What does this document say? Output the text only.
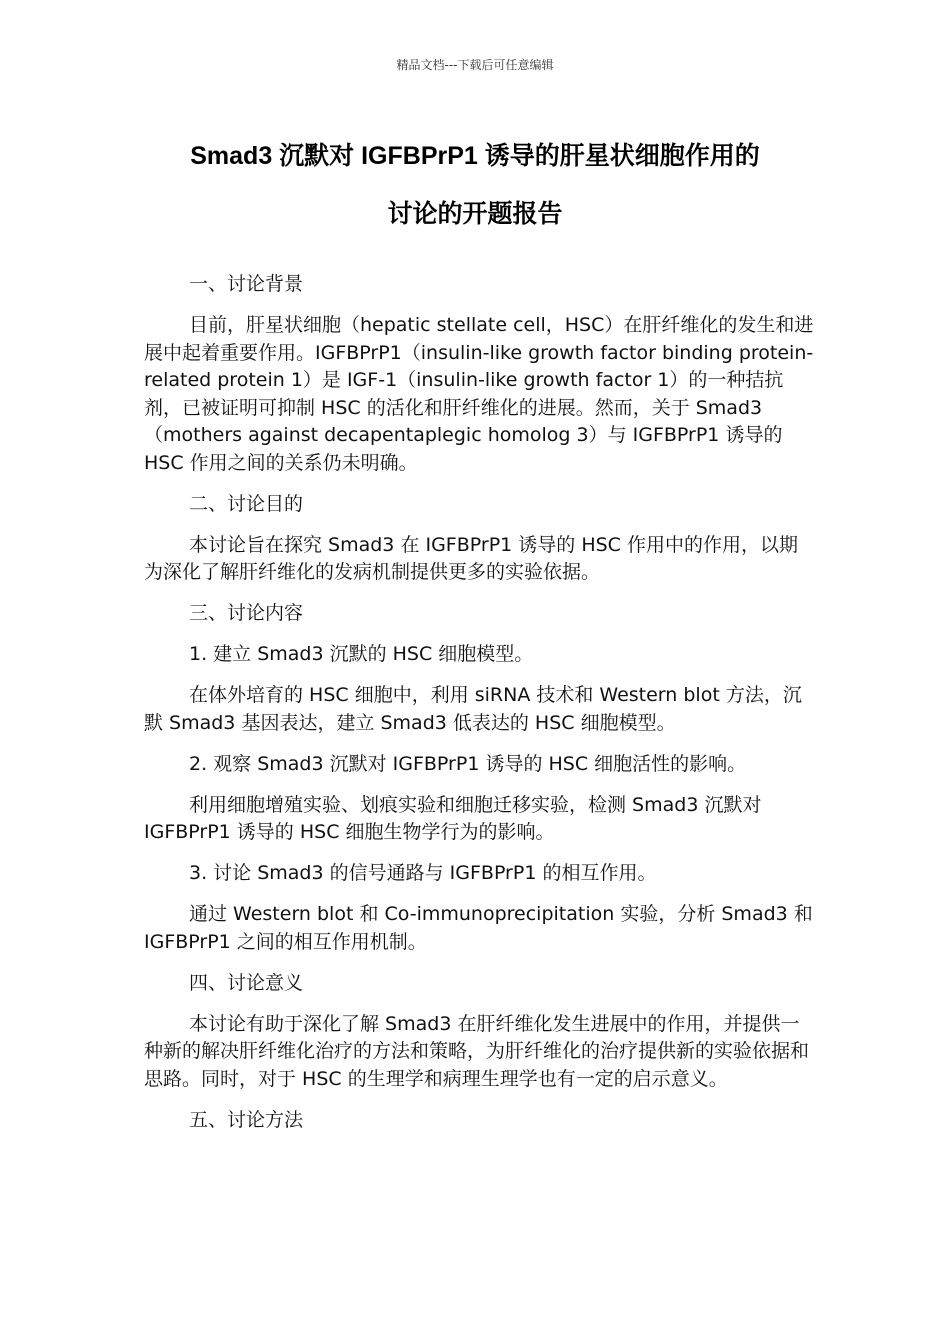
精品文档---下载后可任意编辑
Smad3 沉默对 IGFBPrP1 诱导的肝星状细胞作用的
讨论的开题报告
一、讨论背景
目前，肝星状细胞（hepatic stellate cell，HSC）在肝纤维化的发生和进展中起着重要作用。IGFBPrP1（insulin-like growth factor binding protein-related protein 1）是 IGF-1（insulin-like growth factor 1）的一种拮抗剂，已被证明可抑制 HSC 的活化和肝纤维化的进展。然而，关于 Smad3（mothers against decapentaplegic homolog 3）与 IGFBPrP1 诱导的 HSC 作用之间的关系仍未明确。
二、讨论目的
本讨论旨在探究 Smad3 在 IGFBPrP1 诱导的 HSC 作用中的作用，以期为深化了解肝纤维化的发病机制提供更多的实验依据。
三、讨论内容
1. 建立 Smad3 沉默的 HSC 细胞模型。
在体外培育的 HSC 细胞中，利用 siRNA 技术和 Western blot 方法，沉默 Smad3 基因表达，建立 Smad3 低表达的 HSC 细胞模型。
2. 观察 Smad3 沉默对 IGFBPrP1 诱导的 HSC 细胞活性的影响。
利用细胞增殖实验、划痕实验和细胞迁移实验，检测 Smad3 沉默对 IGFBPrP1 诱导的 HSC 细胞生物学行为的影响。
3. 讨论 Smad3 的信号通路与 IGFBPrP1 的相互作用。
通过 Western blot 和 Co-immunoprecipitation 实验，分析 Smad3 和 IGFBPrP1 之间的相互作用机制。
四、讨论意义
本讨论有助于深化了解 Smad3 在肝纤维化发生进展中的作用，并提供一种新的解决肝纤维化治疗的方法和策略，为肝纤维化的治疗提供新的实验依据和思路。同时，对于 HSC 的生理学和病理生理学也有一定的启示意义。
五、讨论方法
